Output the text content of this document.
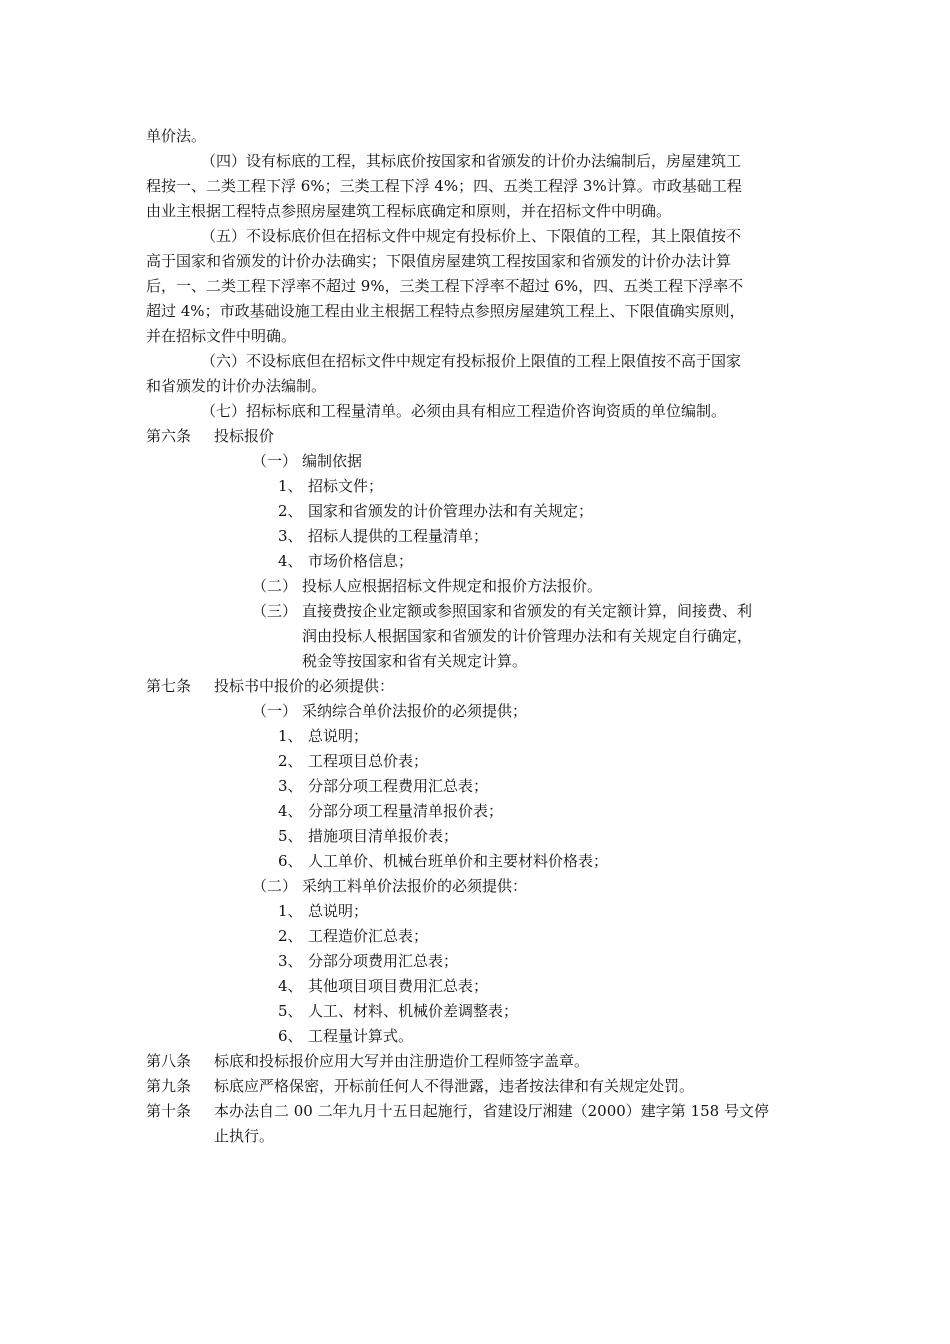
单价法。
（四）设有标底的工程，其标底价按国家和省颁发的计价办法编制后，房屋建筑工
程按一、二类工程下浮 6%；三类工程下浮 4%；四、五类工程浮 3%计算。市政基础工程
由业主根据工程特点参照房屋建筑工程标底确定和原则，并在招标文件中明确。
（五）不设标底价但在招标文件中规定有投标价上、下限值的工程，其上限值按不
高于国家和省颁发的计价办法确实；下限值房屋建筑工程按国家和省颁发的计价办法计算
后，一、二类工程下浮率不超过 9%，三类工程下浮率不超过 6%，四、五类工程下浮率不
超过 4%；市政基础设施工程由业主根据工程特点参照房屋建筑工程上、下限值确实原则，
并在招标文件中明确。
（六）不设标底但在招标文件中规定有投标报价上限值的工程上限值按不高于国家
和省颁发的计价办法编制。
（七）招标标底和工程量清单。必须由具有相应工程造价咨询资质的单位编制。
第六条 投标报价
（一） 编制依据
1、 招标文件；
2、 国家和省颁发的计价管理办法和有关规定；
3、 招标人提供的工程量清单；
4、 市场价格信息；
（二） 投标人应根据招标文件规定和报价方法报价。
（三） 直接费按企业定额或参照国家和省颁发的有关定额计算，间接费、利
润由投标人根据国家和省颁发的计价管理办法和有关规定自行确定，
税金等按国家和省有关规定计算。
第七条 投标书中报价的必须提供：
（一） 采纳综合单价法报价的必须提供；
1、 总说明；
2、 工程项目总价表；
3、 分部分项工程费用汇总表；
4、 分部分项工程量清单报价表；
5、 措施项目清单报价表；
6、 人工单价、机械台班单价和主要材料价格表；
（二） 采纳工料单价法报价的必须提供：
1、 总说明；
2、 工程造价汇总表；
3、 分部分项费用汇总表；
4、 其他项目项目费用汇总表；
5、 人工、材料、机械价差调整表；
6、 工程量计算式。
第八条 标底和投标报价应用大写并由注册造价工程师签字盖章。
第九条 标底应严格保密，开标前任何人不得泄露，违者按法律和有关规定处罚。
第十条 本办法自二 00 二年九月十五日起施行，省建设厅湘建（2000）建字第 158 号文停
止执行。
